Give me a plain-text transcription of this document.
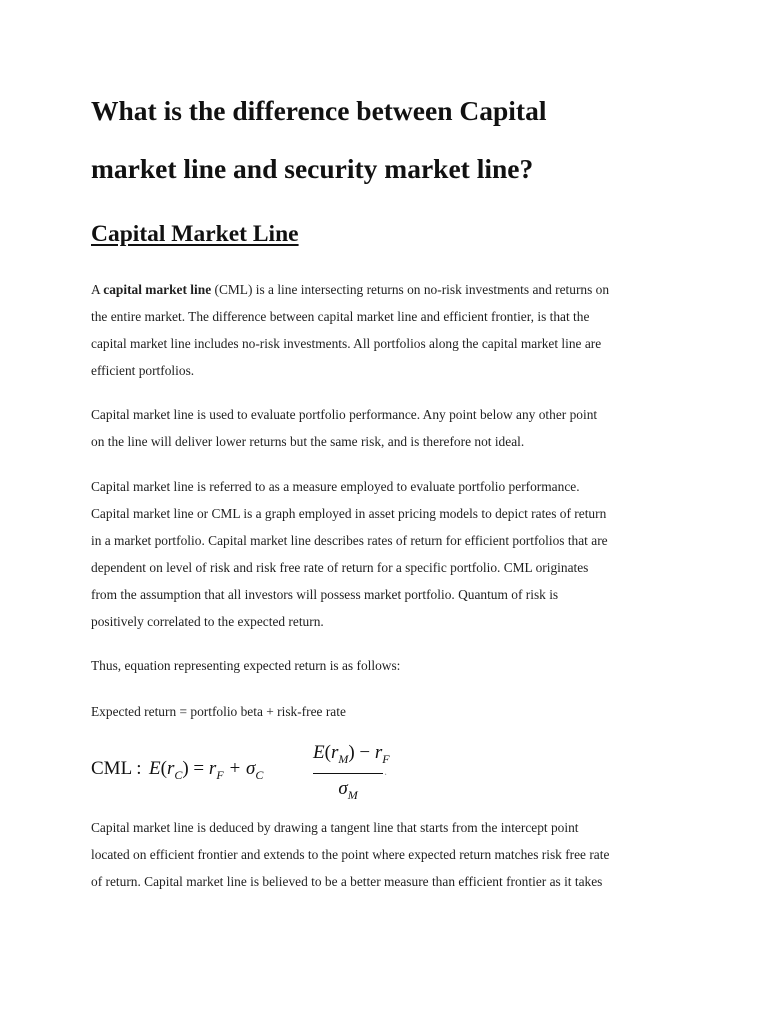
What is the difference between Capital
market line and security market line?
Capital Market Line

A capital market line (CML) is a line intersecting returns on no-risk investments and returns on
the entire market. The difference between capital market line and efficient frontier, is that the
capital market line includes no-risk investments. All portfolios along the capital market line are
efficient portfolios.

Capital market line is used to evaluate portfolio performance. Any point below any other point
on the line will deliver lower returns but the same risk, and is therefore not ideal.

Capital market line is referred to as a measure employed to evaluate portfolio performance.
Capital market line or CML is a graph employed in asset pricing models to depict rates of return
in a market portfolio. Capital market line describes rates of return for efficient portfolios that are
dependent on level of risk and risk free rate of return for a specific portfolio. CML originates
from the assumption that all investors will possess market portfolio. Quantum of risk is
positively correlated to the expected return.

Thus, equation representing expected return is as follows:

Expected return = portfolio beta + risk-free rate

CML : $E(r_C) = r_F + \sigma_C$
$E(r_M) - r_F$
$\sigma_M$
.

Capital market line is deduced by drawing a tangent line that starts from the intercept point
located on efficient frontier and extends to the point where expected return matches risk free rate
of return. Capital market line is believed to be a better measure than efficient frontier as it takes
